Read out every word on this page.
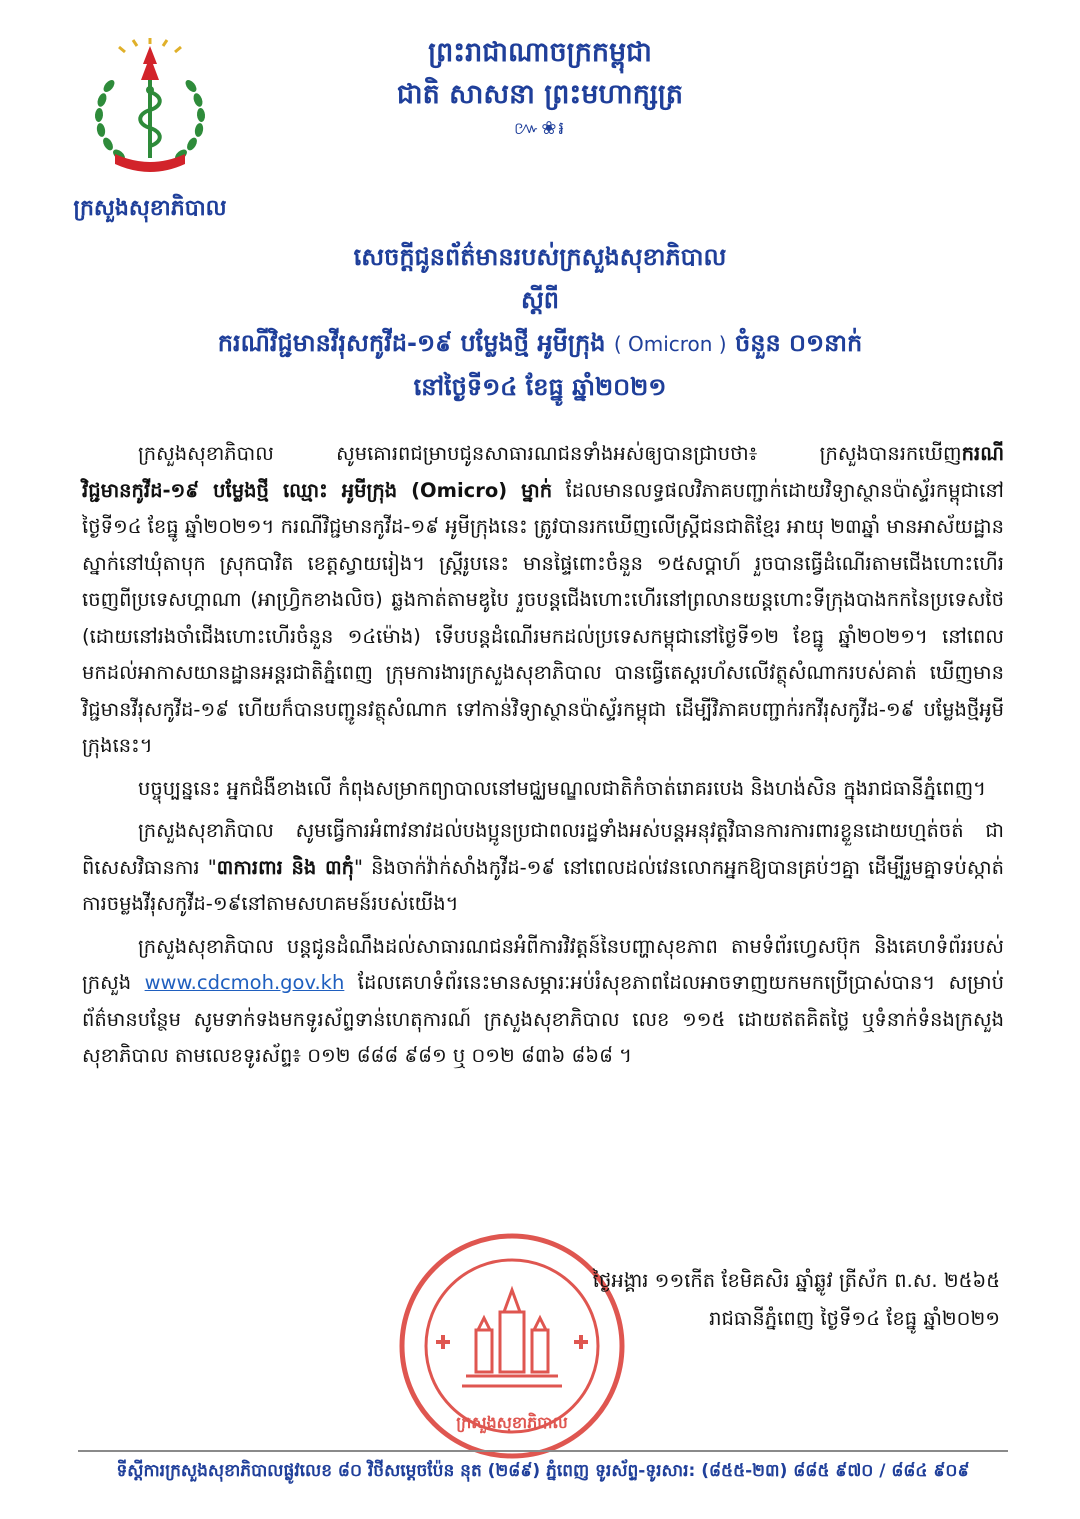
ក្រសួងសុខាភិបាល
ព្រះរាជាណាចក្រកម្ពុជា
ជាតិ សាសនា ព្រះមហាក្សត្រ
៚❀៛
សេចក្តីជូនព័ត៌មានរបស់ក្រសួងសុខាភិបាល
ស្តីពី
ករណីវិជ្ជមានវីរុសកូវីដ-១៩ បម្លែងថ្មី អូមីក្រុង ( Omicron ) ចំនួន ០១នាក់
នៅថ្ងៃទី១៤ ខែធ្នូ ឆ្នាំ២០២១

ក្រសួងសុខាភិបាល សូមគោរពជម្រាបជូនសាធារណជនទាំងអស់ឲ្យបានជ្រាបថា៖ ក្រសួងបានរកឃើញករណីវិជ្ជមានកូវីដ-១៩ បម្លែងថ្មី ឈ្មោះ អូមីក្រុង (Omicro) ម្នាក់ ដែលមានលទ្ធផលវិភាគបញ្ជាក់ដោយវិទ្យាស្ថានប៉ាស្ទ័រកម្ពុជានៅថ្ងៃទី១៤ ខែធ្នូ ឆ្នាំ២០២១។ ករណីវិជ្ជមានកូវីដ-១៩ អូមីក្រុងនេះ ត្រូវបានរកឃើញលើស្ត្រីជនជាតិខ្មែរ អាយុ ២៣ឆ្នាំ មានអាស័យដ្ឋានស្នាក់នៅឃុំតាបុក ស្រុកបាវិត ខេត្តស្វាយរៀង។ ស្ត្រីរូបនេះ មានផ្ទៃពោះចំនួន ១៥សប្តាហ៍ រួចបានធ្វើដំណើរតាមជើងហោះហើរចេញពីប្រទេសហ្គាណា (អាហ្វ្រិកខាងលិច) ឆ្លងកាត់តាមឌូបៃ រួចបន្តជើងហោះហើរនៅព្រលានយន្តហោះទីក្រុងបាងកកនៃប្រទេសថៃ (ដោយនៅរងចាំជើងហោះហើរចំនួន ១៤ម៉ោង) ទើបបន្តដំណើរមកដល់ប្រទេសកម្ពុជានៅថ្ងៃទី១២ ខែធ្នូ ឆ្នាំ២០២១។ នៅពេលមកដល់អាកាសយានដ្ឋានអន្តរជាតិភ្នំពេញ ក្រុមការងារក្រសួងសុខាភិបាល បានធ្វើតេស្តរហ័សលើវត្ថុសំណាករបស់គាត់ ឃើញមានវិជ្ជមានវីរុសកូវីដ-១៩ ហើយក៏បានបញ្ជូនវត្ថុសំណាក ទៅកាន់វិទ្យាស្ថានប៉ាស្ទ័រកម្ពុជា ដើម្បីវិភាគបញ្ជាក់រកវីរុសកូវីដ-១៩ បម្លែងថ្មីអូមីក្រុងនេះ។

បច្ចុប្បន្ននេះ អ្នកជំងឺខាងលើ កំពុងសម្រាកព្យាបាលនៅមជ្ឈមណ្ឌលជាតិកំចាត់រោគរបេង និងហង់សិន ក្នុងរាជធានីភ្នំពេញ។

ក្រសួងសុខាភិបាល សូមធ្វើការអំពាវនាវដល់បងប្អូនប្រជាពលរដ្ឋទាំងអស់បន្តអនុវត្តវិធានការការពារខ្លួនដោយហ្មត់ចត់ ជាពិសេសវិធានការ "៣ការពារ និង ៣កុំ" និងចាក់វ៉ាក់សាំងកូវីដ-១៩ នៅពេលដល់វេនលោកអ្នកឱ្យបានគ្រប់ៗគ្នា ដើម្បីរួមគ្នាទប់ស្កាត់ការចម្លងវីរុសកូវីដ-១៩នៅតាមសហគមន៍របស់យើង។

ក្រសួងសុខាភិបាល បន្តជូនដំណឹងដល់សាធារណជនអំពីការវិវត្តន៍នៃបញ្ហាសុខភាព តាមទំព័រហ្វេសប៊ុក និងគេហទំព័ររបស់ក្រសួង www.cdcmoh.gov.kh ដែលគេហទំព័រនេះមានសម្ភារៈអប់រំសុខភាពដែលអាចទាញយកមកប្រើប្រាស់បាន។ សម្រាប់ព័ត៌មានបន្ថែម សូមទាក់ទងមកទូរស័ព្ទទាន់ហេតុការណ៍ ក្រសួងសុខាភិបាល លេខ ១១៥ ដោយឥតគិតថ្លៃ ឬទំនាក់ទំនងក្រសួងសុខាភិបាល តាមលេខទូរស័ព្ទ៖ ០១២ ៨៨៨ ៩៨១ ឬ ០១២ ៨៣៦ ៨៦៨ ។

ក្រសួងសុខាភិបាល
ថ្ងៃអង្គារ ១១កើត ខែមិគសិរ ឆ្នាំឆ្លូវ ត្រីស័ក ព.ស. ២៥៦៥
រាជធានីភ្នំពេញ ថ្ងៃទី១៤ ខែធ្នូ ឆ្នាំ២០២១
ទីស្តីការក្រសួងសុខាភិបាលផ្លូវលេខ ៨០ វិថីសម្ដេចប៉ែន នុត (២៨៩) ភ្នំពេញ ទូរស័ព្ទ-ទូរសារ: (៨៥៥-២៣) ៨៨៥ ៩៧០ / ៨៨៤ ៩០៩
